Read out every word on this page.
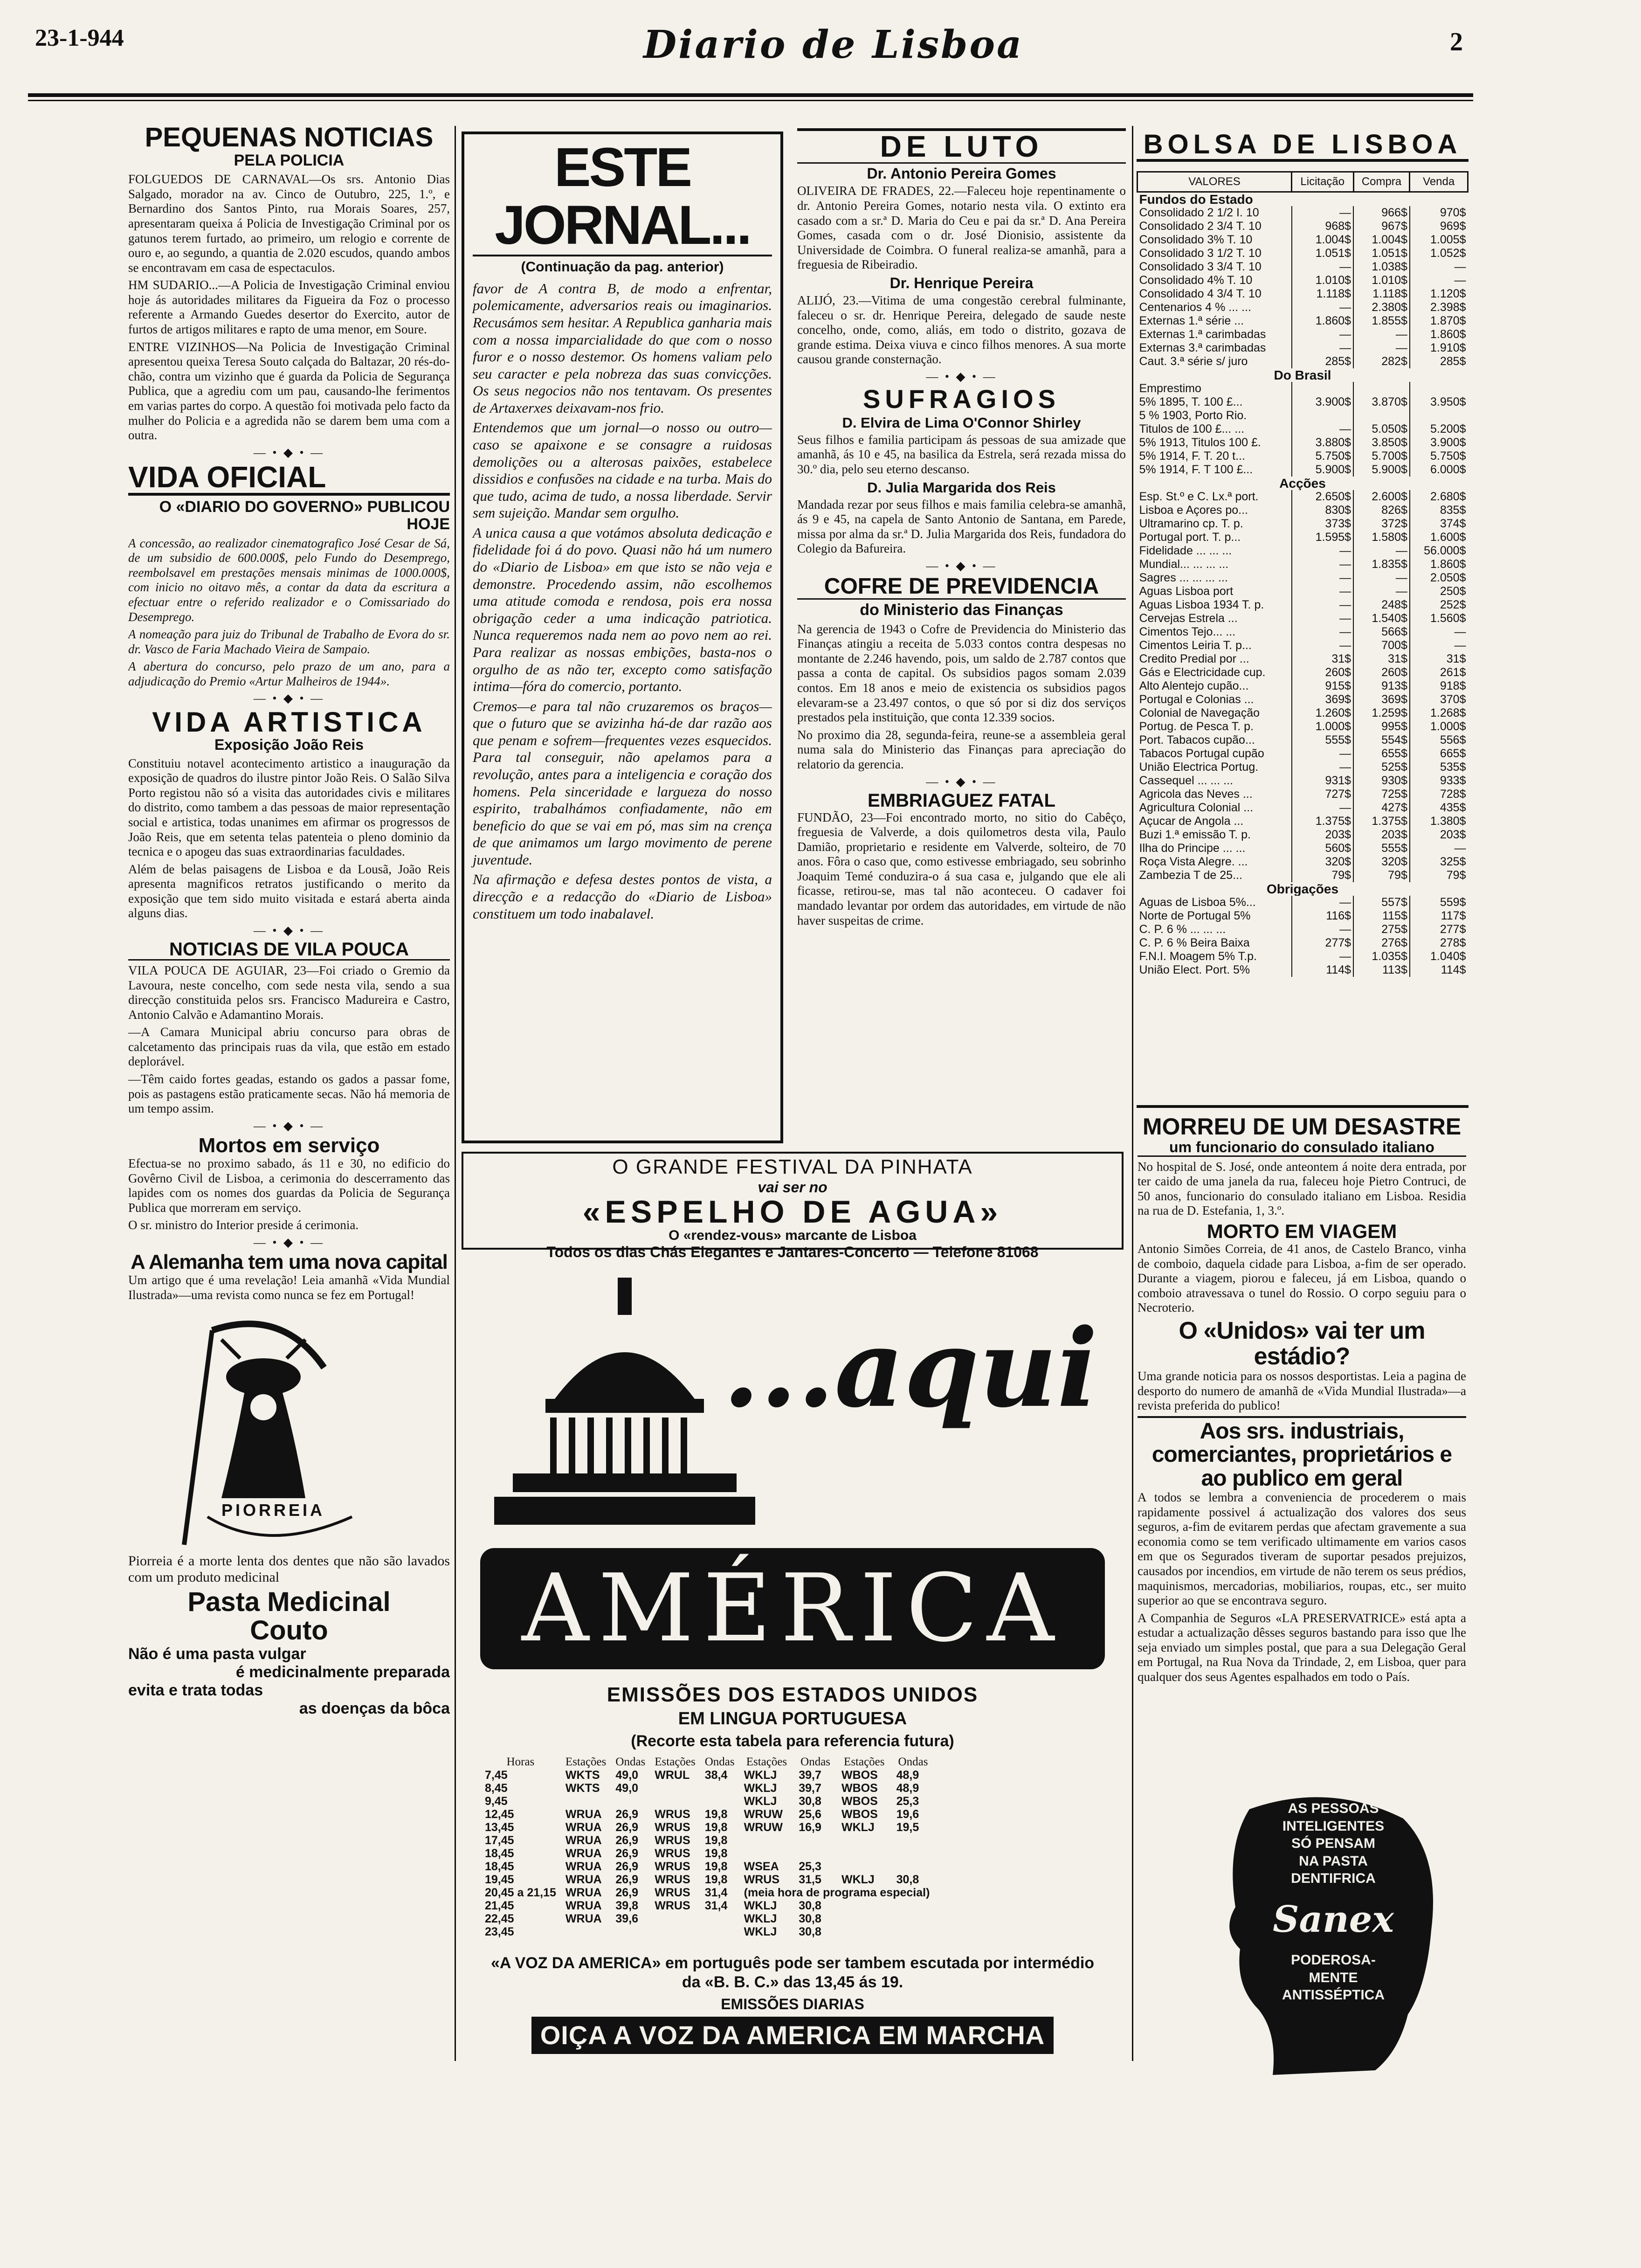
23-1-944	Diario de Lisboa	2
PEQUENAS NOTICIAS
PELA POLICIA

FOLGUEDOS DE CARNAVAL—Os srs. Antonio Dias Salgado, morador na av. Cinco de Outubro, 225, 1.º, e Bernardino dos Santos Pinto, rua Morais Soares, 257, apresentaram queixa á Policia de Investigação Criminal por os gatunos terem furtado, ao primeiro, um relogio e corrente de ouro e, ao segundo, a quantia de 2.020 escudos, quando ambos se encontravam em casa de espectaculos.

HM SUDARIO...—A Policia de Investigação Criminal enviou hoje ás autoridades militares da Figueira da Foz o processo referente a Armando Guedes desertor do Exercito, autor de furtos de artigos militares e rapto de uma menor, em Soure.

ENTRE VIZINHOS—Na Policia de Investigação Criminal apresentou queixa Teresa Souto calçada do Baltazar, 20 rés-do-chão, contra um vizinho que é guarda da Policia de Segurança Publica, que a agrediu com um pau, causando-lhe ferimentos em varias partes do corpo. A questão foi motivada pelo facto da mulher do Policia e a agredida não se darem bem uma com a outra.

— • ◆ • —
VIDA OFICIAL
O «DIARIO DO GOVERNO» PUBLICOU HOJE

A concessão, ao realizador cinematografico José Cesar de Sá, de um subsidio de 600.000$, pelo Fundo do Desemprego, reembolsavel em prestações mensais minimas de 1000.000$, com inicio no oitavo mês, a contar da data da escritura a efectuar entre o referido realizador e o Comissariado do Desemprego.

A nomeação para juiz do Tribunal de Trabalho de Evora do sr. dr. Vasco de Faria Machado Vieira de Sampaio.

A abertura do concurso, pelo prazo de um ano, para a adjudicação do Premio «Artur Malheiros de 1944».

— • ◆ • —
VIDA ARTISTICA
Exposição João Reis

Constituiu notavel acontecimento artistico a inauguração da exposição de quadros do ilustre pintor João Reis. O Salão Silva Porto registou não só a visita das autoridades civis e militares do distrito, como tambem a das pessoas de maior representação social e artistica, todas unanimes em afirmar os progressos de João Reis, que em setenta telas patenteia o pleno dominio da tecnica e o apogeu das suas extraordinarias faculdades.

Além de belas paisagens de Lisboa e da Lousã, João Reis apresenta magnificos retratos justificando o merito da exposição que tem sido muito visitada e estará aberta ainda alguns dias.

— • ◆ • —
NOTICIAS DE VILA POUCA

VILA POUCA DE AGUIAR, 23—Foi criado o Gremio da Lavoura, neste concelho, com sede nesta vila, sendo a sua direcção constituida pelos srs. Francisco Madureira e Castro, Antonio Calvão e Adamantino Morais.

—A Camara Municipal abriu concurso para obras de calcetamento das principais ruas da vila, que estão em estado deplorável.

—Têm caido fortes geadas, estando os gados a passar fome, pois as pastagens estão praticamente secas. Não há memoria de um tempo assim.

— • ◆ • —
Mortos em serviço

Efectua-se no proximo sabado, ás 11 e 30, no edificio do Govêrno Civil de Lisboa, a cerimonia do descerramento das lapides com os nomes dos guardas da Policia de Segurança Publica que morreram em serviço.

O sr. ministro do Interior preside á cerimonia.

— • ◆ • —
A Alemanha tem uma nova capital

Um artigo que é uma revelação! Leia amanhã «Vida Mundial Ilustrada»—uma revista como nunca se fez em Portugal!

PIORREIA

Piorreia é a morte lenta dos dentes que não são lavados com um produto medicinal

Pasta Medicinal
Couto
Não é uma pasta vulgar
é medicinalmente preparada
evita e trata todas
as doenças da bôca
ESTE JORNAL...
(Continuação da pag. anterior)

favor de A contra B, de modo a enfrentar, polemicamente, adversarios reais ou imaginarios. Recusámos sem hesitar. A Republica ganharia mais com a nossa imparcialidade do que com o nosso furor e o nosso destemor. Os homens valiam pelo seu caracter e pela nobreza das suas convicções. Os seus negocios não nos tentavam. Os presentes de Artaxerxes deixavam-nos frio.

Entendemos que um jornal—o nosso ou outro—caso se apaixone e se consagre a ruidosas demolições ou a alterosas paixões, estabelece dissidios e confusões na cidade e na turba. Mais do que tudo, acima de tudo, a nossa liberdade. Servir sem sujeição. Mandar sem orgulho.

A unica causa a que votámos absoluta dedicação e fidelidade foi á do povo. Quasi não há um numero do «Diario de Lisboa» em que isto se não veja e demonstre. Procedendo assim, não escolhemos uma atitude comoda e rendosa, pois era nossa obrigação ceder a uma indicação patriotica. Nunca requeremos nada nem ao povo nem ao rei. Para realizar as nossas embições, basta-nos o orgulho de as não ter, excepto como satisfação intima—fóra do comercio, portanto.

Cremos—e para tal não cruzaremos os braços—que o futuro que se avizinha há-de dar razão aos que penam e sofrem—frequentes vezes esquecidos. Para tal conseguir, não apelamos para a revolução, antes para a inteligencia e coração dos homens. Pela sinceridade e largueza do nosso espirito, trabalhámos confiadamente, não em beneficio do que se vai em pó, mas sim na crença de que animamos um largo movimento de perene juventude.

Na afirmação e defesa destes pontos de vista, a direcção e a redacção do «Diario de Lisboa» constituem um todo inabalavel.

DE LUTO
Dr. Antonio Pereira Gomes

OLIVEIRA DE FRADES, 22.—Faleceu hoje repentinamente o dr. Antonio Pereira Gomes, notario nesta vila. O extinto era casado com a sr.ª D. Maria do Ceu e pai da sr.ª D. Ana Pereira Gomes, casada com o dr. José Dionisio, assistente da Universidade de Coimbra. O funeral realiza-se amanhã, para a freguesia de Ribeiradio.

Dr. Henrique Pereira

ALIJÓ, 23.—Vitima de uma congestão cerebral fulminante, faleceu o sr. dr. Henrique Pereira, delegado de saude neste concelho, onde, como, aliás, em todo o distrito, gozava de grande estima. Deixa viuva e cinco filhos menores. A sua morte causou grande consternação.

— • ◆ • —
SUFRAGIOS
D. Elvira de Lima O'Connor Shirley

Seus filhos e familia participam ás pessoas de sua amizade que amanhã, ás 10 e 45, na basilica da Estrela, será rezada missa do 30.º dia, pelo seu eterno descanso.

D. Julia Margarida dos Reis

Mandada rezar por seus filhos e mais familia celebra-se amanhã, ás 9 e 45, na capela de Santo Antonio de Santana, em Parede, missa por alma da sr.ª D. Julia Margarida dos Reis, fundadora do Colegio da Bafureira.

— • ◆ • —
COFRE DE PREVIDENCIA
do Ministerio das Finanças

Na gerencia de 1943 o Cofre de Previdencia do Ministerio das Finanças atingiu a receita de 5.033 contos contra despesas no montante de 2.246 havendo, pois, um saldo de 2.787 contos que passa a conta de capital. Os subsidios pagos somam 2.039 contos. Em 18 anos e meio de existencia os subsidios pagos elevaram-se a 23.497 contos, o que só por si diz dos serviços prestados pela instituição, que conta 12.339 socios.

No proximo dia 28, segunda-feira, reune-se a assembleia geral numa sala do Ministerio das Finanças para apreciação do relatorio da gerencia.

— • ◆ • —
EMBRIAGUEZ FATAL

FUNDÃO, 23—Foi encontrado morto, no sitio do Cabêço, freguesia de Valverde, a dois quilometros desta vila, Paulo Damião, proprietario e residente em Valverde, solteiro, de 70 anos. Fôra o caso que, como estivesse embriagado, seu sobrinho Joaquim Temé conduzira-o á sua casa e, julgando que ele ali ficasse, retirou-se, mas tal não aconteceu. O cadaver foi mandado levantar por ordem das autoridades, em virtude de não haver suspeitas de crime.

BOLSA DE LISBOA
VALORES	Licitação	Compra	Venda
Fundos do Estado			
Consolidado 2 1/2 I. 10	—	966$	970$
Consolidado 2 3/4 T. 10	968$	967$	969$
Consolidado 3% T. 10	1.004$	1.004$	1.005$
Consolidado 3 1/2 T. 10	1.051$	1.051$	1.052$
Consolidado 3 3/4 T. 10	—	1.038$	—
Consolidado 4% T. 10	1.010$	1.010$	—
Consolidado 4 3/4 T. 10	1.118$	1.118$	1.120$
Centenarios 4 % ... ...	—	2.380$	2.398$
Externas 1.ª série ...	1.860$	1.855$	1.870$
Externas 1.ª carimbadas	—	—	1.860$
Externas 3.ª carimbadas	—	—	1.910$
Caut. 3.ª série s/ juro	285$	282$	285$
Do Brasil			
Emprestimo			
5% 1895, T. 100 £...	3.900$	3.870$	3.950$
5 % 1903, Porto Rio.			
Titulos de 100 £... ...	—	5.050$	5.200$
5% 1913, Titulos 100 £.	3.880$	3.850$	3.900$
5% 1914, F. T. 20 t...	5.750$	5.700$	5.750$
5% 1914, F. T 100 £...	5.900$	5.900$	6.000$
Acções			
Esp. St.º e C. Lx.ª port.	2.650$	2.600$	2.680$
Lisboa e Açores po...	830$	826$	835$
Ultramarino cp. T. p.	373$	372$	374$
Portugal port. T. p...	1.595$	1.580$	1.600$
Fidelidade ... ... ...	—	—	56.000$
Mundial... ... ... ...	—	1.835$	1.860$
Sagres ... ... ... ...	—	—	2.050$
Aguas Lisboa port	—	—	250$
Aguas Lisboa 1934 T. p.	—	248$	252$
Cervejas Estrela ...	—	1.540$	1.560$
Cimentos Tejo... ...	—	566$	—
Cimentos Leiria T. p...	—	700$	—
Credito Predial por ...	31$	31$	31$
Gás e Electricidade cup.	260$	260$	261$
Alto Alentejo cupão...	915$	913$	918$
Portugal e Colonias ...	369$	369$	370$
Colonial de Navegação	1.260$	1.259$	1.268$
Portug. de Pesca T. p.	1.000$	995$	1.000$
Port. Tabacos cupão...	555$	554$	556$
Tabacos Portugal cupão	—	655$	665$
União Electrica Portug.	—	525$	535$
Cassequel ... ... ...	931$	930$	933$
Agricola das Neves ...	727$	725$	728$
Agricultura Colonial ...	—	427$	435$
Açucar de Angola ...	1.375$	1.375$	1.380$
Buzi 1.ª emissão T. p.	203$	203$	203$
Ilha do Principe ... ...	560$	555$	—
Roça Vista Alegre. ...	320$	320$	325$
Zambezia T de 25...	79$	79$	79$
Obrigações			
Aguas de Lisboa 5%...	—	557$	559$
Norte de Portugal 5%	116$	115$	117$
C. P. 6 % ... ... ...	—	275$	277$
C. P. 6 % Beira Baixa	277$	276$	278$
F.N.I. Moagem 5% T.p.	—	1.035$	1.040$
União Elect. Port. 5%	114$	113$	114$
MORREU DE UM DESASTRE
um funcionario do consulado italiano

No hospital de S. José, onde anteontem á noite dera entrada, por ter caido de uma janela da rua, faleceu hoje Pietro Contruci, de 50 anos, funcionario do consulado italiano em Lisboa. Residia na rua de D. Estefania, 1, 3.º.

MORTO EM VIAGEM

Antonio Simões Correia, de 41 anos, de Castelo Branco, vinha de comboio, daquela cidade para Lisboa, a-fim de ser operado. Durante a viagem, piorou e faleceu, já em Lisboa, quando o comboio atravessava o tunel do Rossio. O corpo seguiu para o Necroterio.

O «Unidos» vai ter um estádio?

Uma grande noticia para os nossos desportistas. Leia a pagina de desporto do numero de amanhã de «Vida Mundial Ilustrada»—a revista preferida do publico!

Aos srs. industriais, comerciantes, proprietários e ao publico em geral

A todos se lembra a conveniencia de procederem o mais rapidamente possivel á actualização dos valores dos seus seguros, a-fim de evitarem perdas que afectam gravemente a sua economia como se tem verificado ultimamente em varios casos em que os Segurados tiveram de suportar pesados prejuizos, causados por incendios, em virtude de não terem os seus prédios, maquinismos, mercadorias, mobiliarios, roupas, etc., ser muito superior ao que se encontrava seguro.

A Companhia de Seguros «LA PRESERVATRICE» está apta a estudar a actualização dêsses seguros bastando para isso que lhe seja enviado um simples postal, que para a sua Delegação Geral em Portugal, na Rua Nova da Trindade, 2, em Lisboa, quer para qualquer dos seus Agentes espalhados em todo o País.

AS PESSOAS
INTELIGENTES
SÓ PENSAM
NA PASTA
DENTIFRICA
Sanex
PODEROSA-
MENTE
ANTISSÉPTICA
O GRANDE FESTIVAL DA PINHATA
vai ser no
«ESPELHO DE AGUA»
O «rendez-vous» marcante de Lisboa
Todos os dias Chás Elegantes e Jantares-Concerto — Telefone 81068
...aqui
AMÉRICA
EMISSÕES DOS ESTADOS UNIDOS
EM LINGUA PORTUGUESA
(Recorte esta tabela para referencia futura)
Horas	Estações	Ondas	Estações	Ondas	Estações	Ondas	Estações	Ondas
7,45	WKTS	49,0	WRUL	38,4	WKLJ	39,7	WBOS	48,9
8,45	WKTS	49,0			WKLJ	39,7	WBOS	48,9
9,45					WKLJ	30,8	WBOS	25,3
12,45	WRUA	26,9	WRUS	19,8	WRUW	25,6	WBOS	19,6
13,45	WRUA	26,9	WRUS	19,8	WRUW	16,9	WKLJ	19,5
17,45	WRUA	26,9	WRUS	19,8				
18,45	WRUA	26,9	WRUS	19,8				
18,45	WRUA	26,9	WRUS	19,8	WSEA	25,3		
19,45	WRUA	26,9	WRUS	19,8	WRUS	31,5	WKLJ	30,8
20,45 a 21,15	WRUA	26,9	WRUS	31,4	(meia hora de programa especial)			
21,45	WRUA	39,8	WRUS	31,4	WKLJ	30,8		
22,45	WRUA	39,6			WKLJ	30,8		
23,45					WKLJ	30,8		
«A VOZ DA AMERICA» em português pode ser tambem escutada por intermédio da «B. B. C.» das 13,45 ás 19.
EMISSÕES DIARIAS
OIÇA A VOZ DA AMERICA EM MARCHA
